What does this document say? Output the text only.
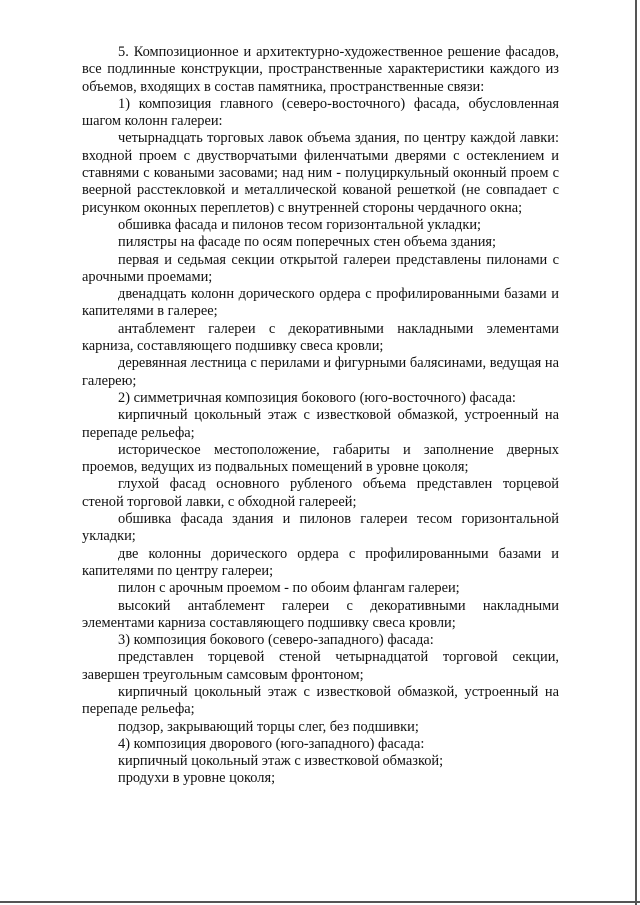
5. Композиционное и архитектурно-художественное решение фасадов, все подлинные конструкции, пространственные характеристики каждого из объемов, входящих в состав памятника, пространственные связи:

1) композиция главного (северо-восточного) фасада, обусловленная шагом колонн галереи:

четырнадцать торговых лавок объема здания, по центру каждой лавки: входной проем с двустворчатыми филенчатыми дверями с остеклением и ставнями с коваными засовами; над ним - полуциркульный оконный проем с веерной расстекловкой и металлической кованой решеткой (не совпадает с рисунком оконных переплетов) с внутренней стороны чердачного окна;

обшивка фасада и пилонов тесом горизонтальной укладки;

пилястры на фасаде по осям поперечных стен объема здания;

первая и седьмая секции открытой галереи представлены пилонами с арочными проемами;

двенадцать колонн дорического ордера с профилированными базами и капителями в галерее;

антаблемент галереи с декоративными накладными элементами карниза, составляющего подшивку свеса кровли;

деревянная лестница с перилами и фигурными балясинами, ведущая на галерею;

2) симметричная композиция бокового (юго-восточного) фасада:

кирпичный цокольный этаж с известковой обмазкой, устроенный на перепаде рельефа;

историческое местоположение, габариты и заполнение дверных проемов, ведущих из подвальных помещений в уровне цоколя;

глухой фасад основного рубленого объема представлен торцевой стеной торговой лавки, с обходной галереей;

обшивка фасада здания и пилонов галереи тесом горизонтальной укладки;

две колонны дорического ордера с профилированными базами и капителями по центру галереи;

пилон с арочным проемом - по обоим флангам галереи;

высокий антаблемент галереи с декоративными накладными элементами карниза составляющего подшивку свеса кровли;

3) композиция бокового (северо-западного) фасада:

представлен торцевой стеной четырнадцатой торговой секции, завершен треугольным самсовым фронтоном;

кирпичный цокольный этаж с известковой обмазкой, устроенный на перепаде рельефа;

подзор, закрывающий торцы слег, без подшивки;

4) композиция дворового (юго-западного) фасада:

кирпичный цокольный этаж с известковой обмазкой;

продухи в уровне цоколя;
